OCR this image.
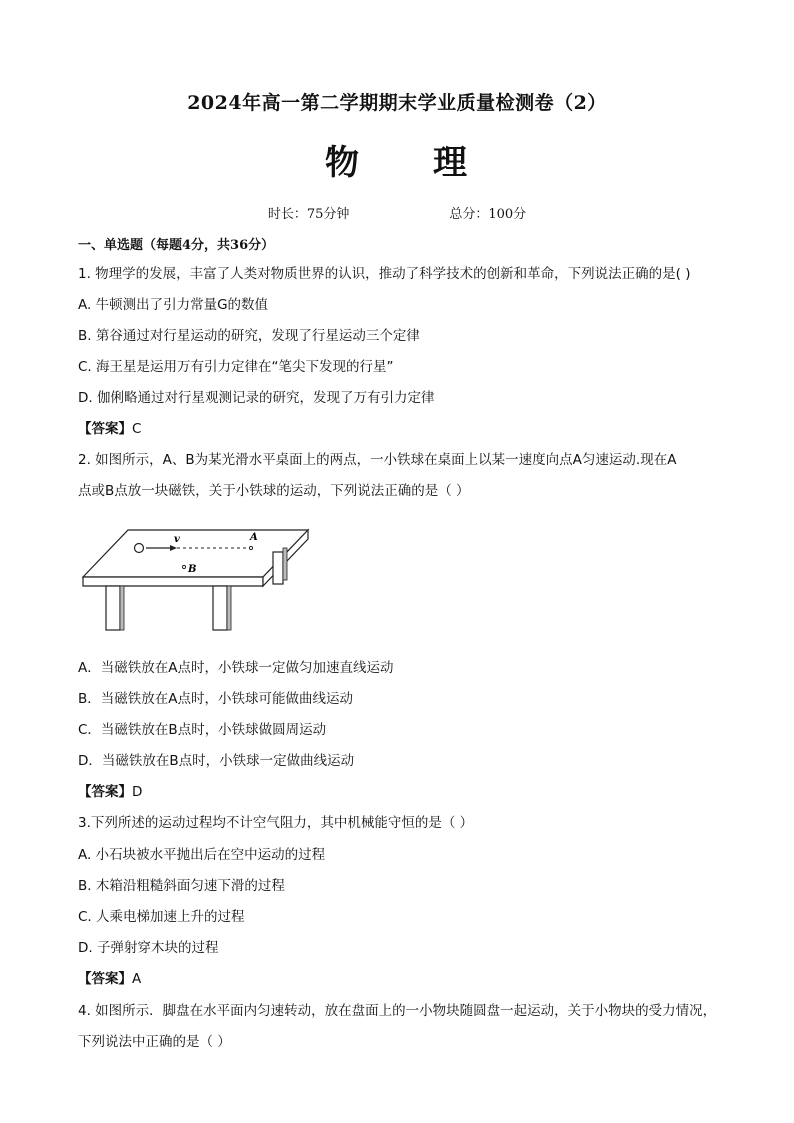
2024年高一第二学期期末学业质量检测卷（2）
物 理
时长：75分钟	总分：100分
一、单选题（每题4分，共36分）
1. 物理学的发展，丰富了人类对物质世界的认识，推动了科学技术的创新和革命，下列说法正确的是( )
A. 牛顿测出了引力常量G的数值
B. 第谷通过对行星运动的研究，发现了行星运动三个定律
C. 海王星是运用万有引力定律在“笔尖下发现的行星”
D. 伽俐略通过对行星观测记录的研究，发现了万有引力定律
【答案】C
2. 如图所示，A、B为某光滑水平桌面上的两点，一小铁球在桌面上以某一速度向点A匀速运动.现在A
点或B点放一块磁铁，关于小铁球的运动，下列说法正确的是（ ）
v	A
B
A．当磁铁放在A点时，小铁球一定做匀加速直线运动
B．当磁铁放在A点时，小铁球可能做曲线运动
C．当磁铁放在B点时，小铁球做圆周运动
D．当磁铁放在B点时，小铁球一定做曲线运动
【答案】D
3.下列所述的运动过程均不计空气阻力，其中机械能守恒的是（ ）
A. 小石块被水平抛出后在空中运动的过程
B. 木箱沿粗糙斜面匀速下滑的过程
C. 人乘电梯加速上升的过程
D. 子弹射穿木块的过程
【答案】A
4. 如图所示．脚盘在水平面内匀速转动，放在盘面上的一小物块随圆盘一起运动，关于小物块的受力情况，
下列说法中正确的是（ ）
